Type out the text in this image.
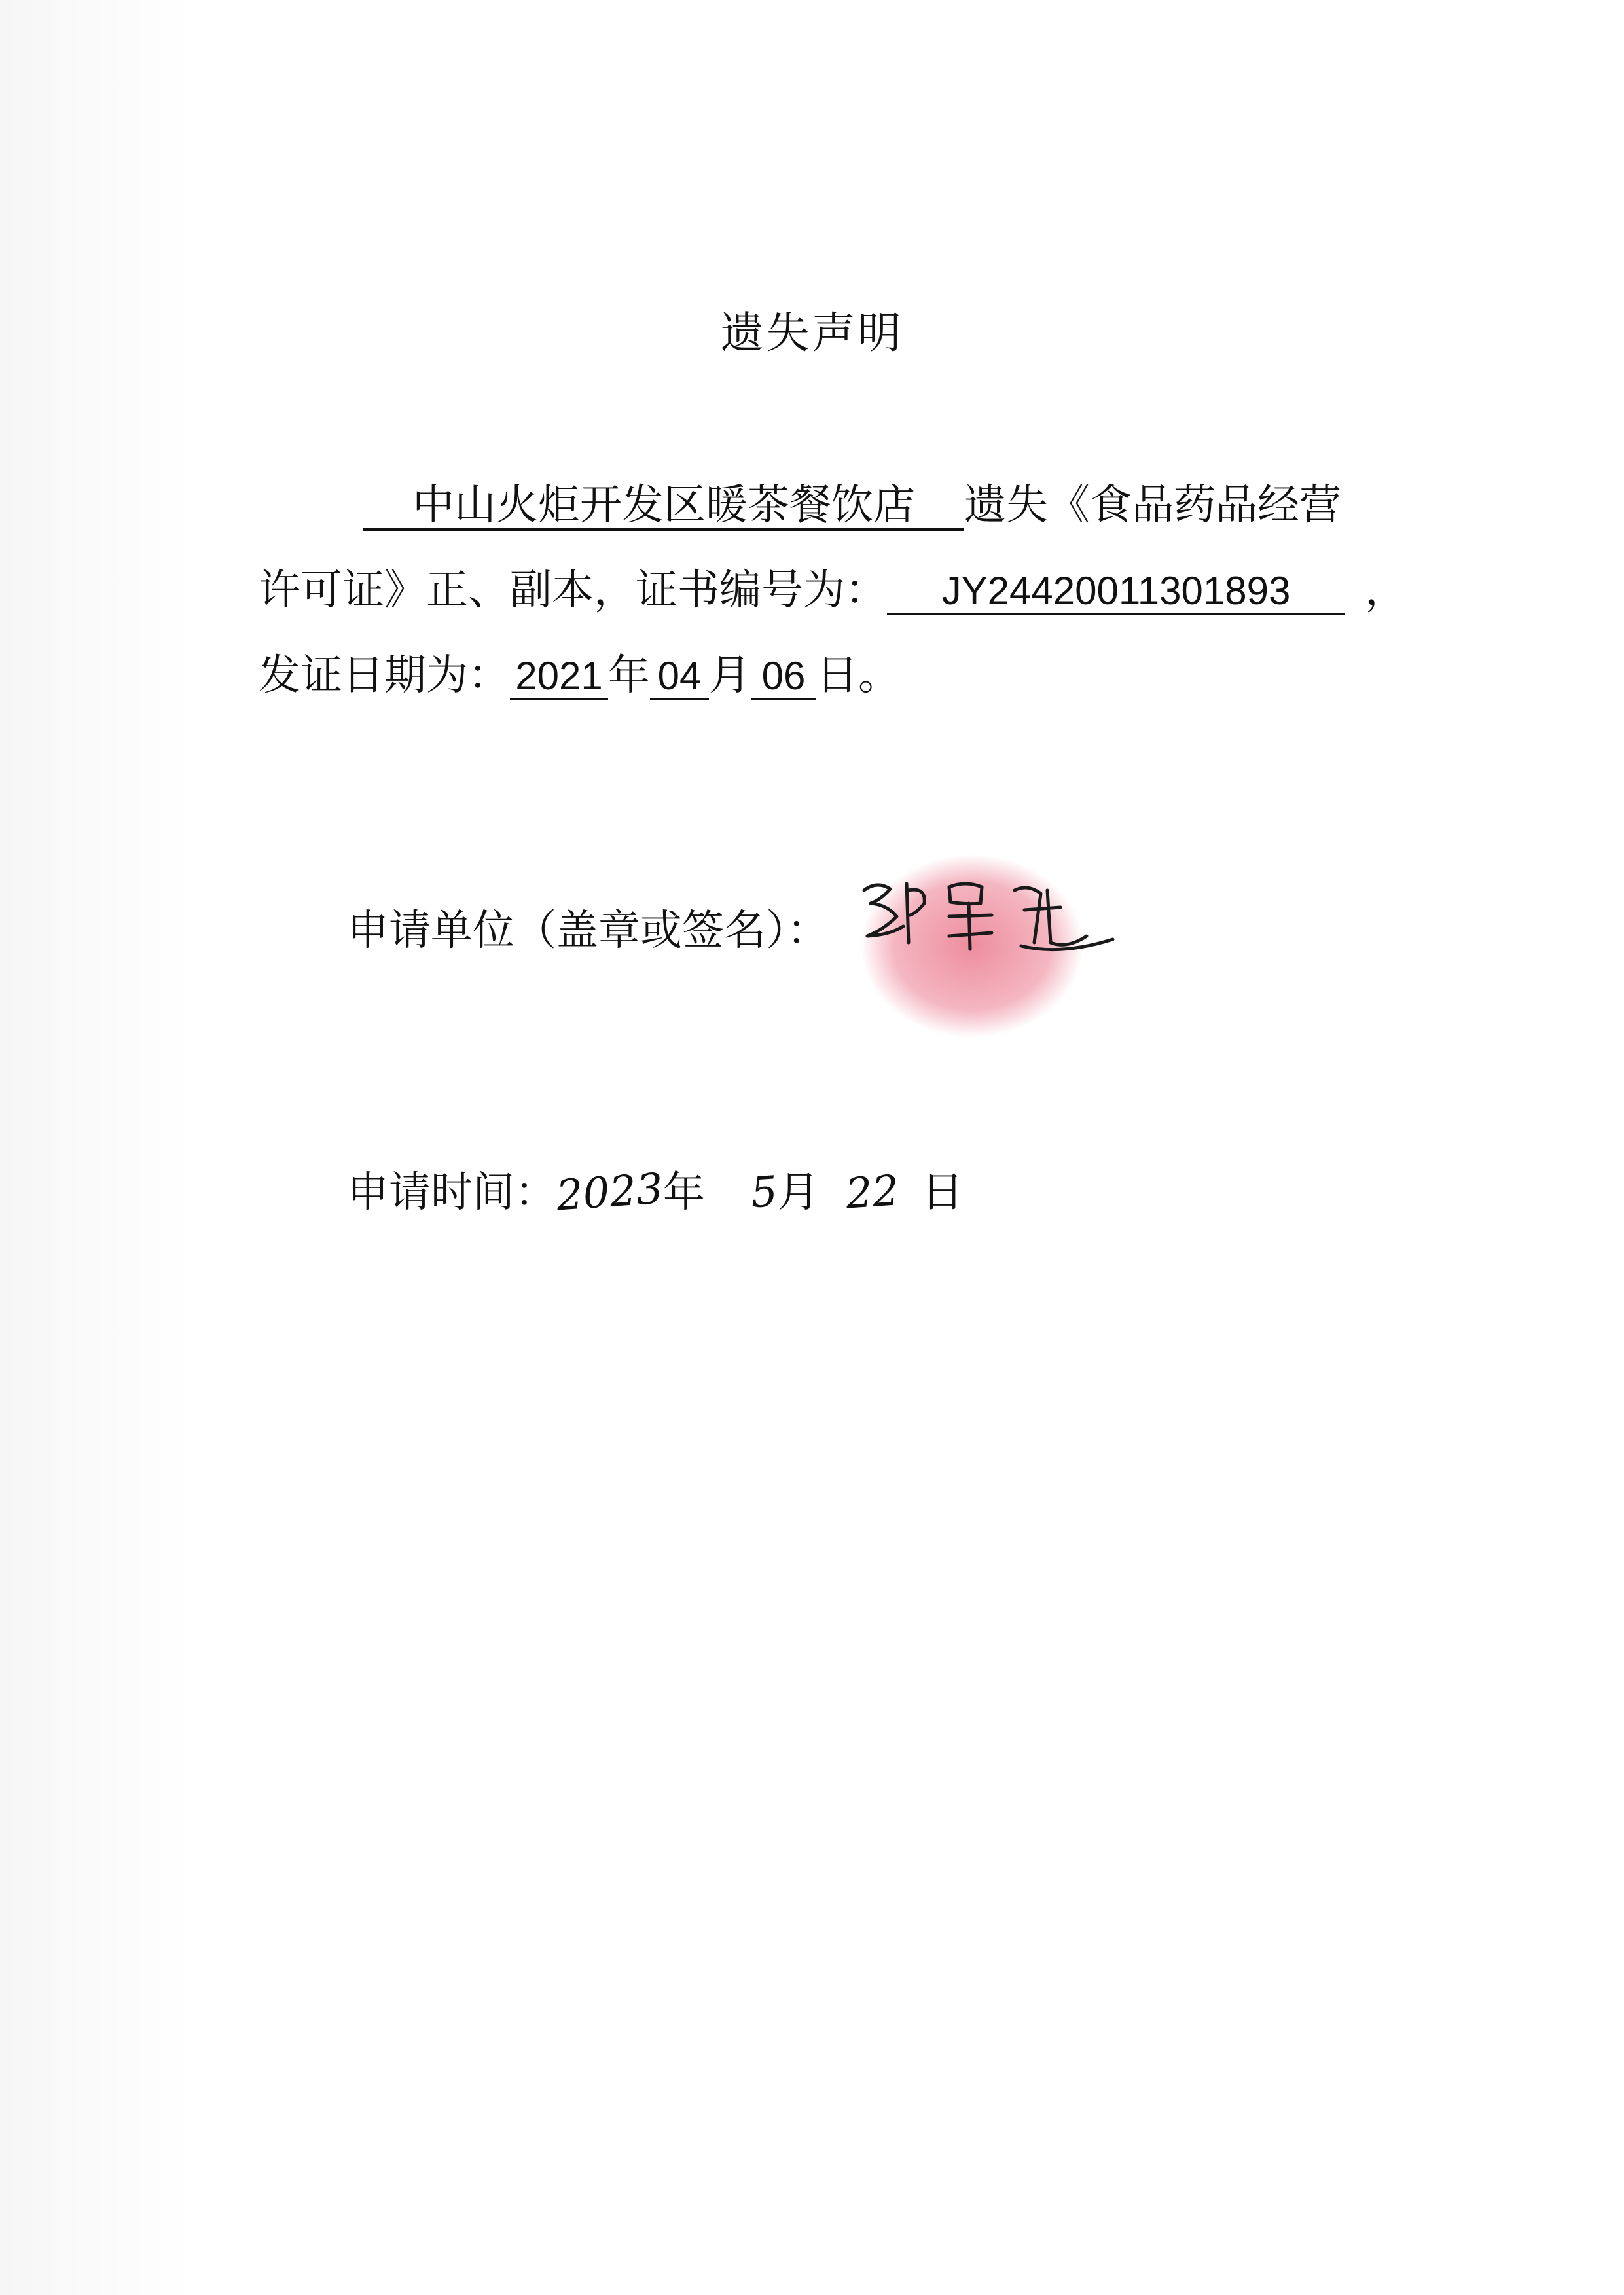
遗失声明
中山火炬开发区暖茶餐饮店 遗失《食品药品经营
许可证》正、副本，证书编号为： JY24420011301893 ，
发证日期为： 2021 年 04 月 06 日。
申请单位（盖章或签名）：
申请时间：2023年 5月 22 日
